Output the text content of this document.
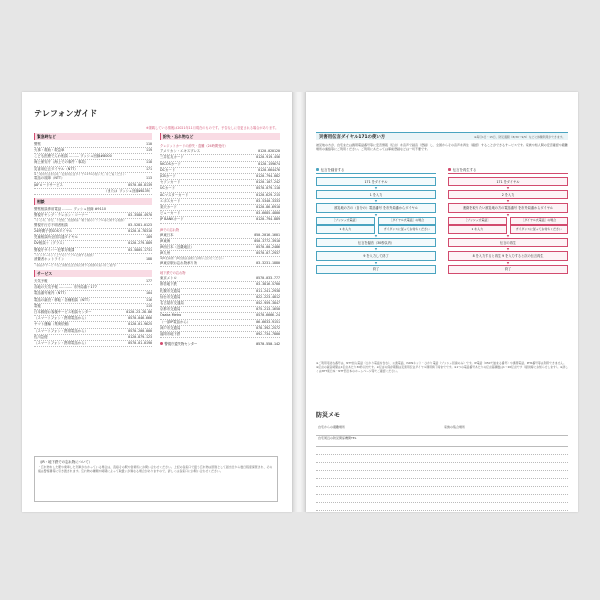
テレフォンガイド
※掲載している情報は2021年11月現在のものです。予告なしに変更される場合があります。
緊急時など
警察	110
火事・救助・救急車	119
こども医療でんわ相談 ……… プッシュ回線#8000
海上保安庁（海上での事件・事故）	118
災害用伝言ダイヤル（NTT）	171
※ご利用方法を右頁「災害用伝言ダイヤル171の使い方」をご覧ください
電話の故障（NTT）	113
JAFロードサービス	0570-00-8139
（または プッシュ回線#8139）
相談
警察相談専用電話 ……… プッシュ回線 #9110
警視庁ヤング・テレホン・コーナー	03-3580-4970
（いじめ、非行、不登校、友達関係・親子間のトラブル等に関する相談）
警視庁行方不明者相談	03-5281-0123
24時間子供SOSダイヤル	0120-0-78310
児童相談所全国共通ダイヤル	189
DV相談＋（プラス）	0120-279-889
警視庁サイバー犯罪対策課	03-5805-1731
（インターネット上でのトラブルに関する相談）
消費者ホットライン	188
（商品やサービスなど消費生活全般に関する相談の窓口をご案内）
サービス
天気予報	177
各地の天気予報 ………… 市外局番＋177
電話番号案内（NTT）	104
電話の新設・移転・各種相談（NTT）	116
電報	115
日本郵便お客様サービス相談センター	0120-23-28-86
（スマートフォン・携帯電話から）	0570-046-666
ヤマト運輸（集荷依頼）	0120-01-9625
（スマートフォン・携帯電話から）	0570-200-000
佐川急便	0120-879-123
（スマートフォン・携帯電話から）	0570-01-0190
紛失・忘れ物など
クレジットカードの紛失・盗難（24時間受付）
アメリカン・エキスプレス	0120-020120
三井住友カード	0120-919-456
NICOSカード	0120-159674
DCカード	0120-664476
JCBカード	0120-794-082
セゾンカード	0120-107-242
UCカード	0570-079-110
ACマスターカード	0120-629-215
エポスカード	03-5340-3333
楽天カード	0120-86-6910
ビューカード	03-6685-4800
JP BANKカード	0120-794-889
JRでの忘れ物
JR東日本	050-2016-1601
JR東海	050-3772-3910
JR西日本（近畿地区）	0570-00-2486
JR九州	0570-07-2937
※JR北海道・JR四国は各駅にお問い合わせください
JR東京駅お忘れ物承り所	03-3231-1880
地下鉄での忘れ物
東京メトロ	0570-033-777
都営地下鉄	03-3816-5700
札幌市交通局	011-241-2938
仙台市交通局	022-223-4812
名古屋市交通局	052-959-3847
京都市交通局	075-213-1650
Osaka Metro	0570-6666-24
（一部IP電話から）	06-6633-9151
神戸市交通局	078-392-2572
福岡市地下鉄	092-734-7800
警視庁遺失物センター	0570-550-142
（JR・地下鉄での忘れ物について）
・忘れ物をした駅や乗車した列車がわかっている場合は、直接その駅や営業所にお問い合わせください。上記の各窓口で扱う忘れ物は原則として届出日から数日程度保管され、その後は警察署等に引き渡されます。忘れ物の種類や時期によって取扱いが異なる場合がありますので、詳しくは各窓口にお問い合わせください。
災害用伝言ダイヤル171の使い方	※毎月1日・15日、防災週間（8/30〜9/5）などに体験利用ができます。
被災地の方が、自宅または携帯電話番号等に安否情報（伝言）を音声で録音（登録）し、全国からその音声を再生（確認）することができるサービスです。家族や知人間の安否確認や避難場所の連絡等にご利用ください。ご利用にあたっては事前登録などは一切不要です。
伝言を録音する
171 をダイヤル
▼
1 を入力
▼
被災地の方の（自分の）電話番号 を市外局番からダイヤル
▼
［プッシュ式電話］	［ダイヤル式電話］の場合
1 を入力	ガイダンスに従ってお待ちください
▼
伝言を録音（30秒以内）
▼
9 を入力して終了
▼
終了
伝言を再生する
171 をダイヤル
▼
2 を入力
▼
連絡を取りたい被災地の方の電話番号 を市外局番からダイヤル
▼
［プッシュ式電話］	［ダイヤル式電話］の場合
1 を入力	ガイダンスに従ってお待ちください
▼
伝言の再生
▼
8 を入力すると再生 9 を入力すると次の伝言再生
▼
終了
※ご利用可能な番号は、NTT加入電話（ひかり電話を含む）、公衆電話、ISDNネット・ひかり電話（プッシュ回線のみ）です。IP電話（050で始まる番号）や携帯電話、PHS番号等は利用できません。※伝言の録音時間は1伝言あたり30秒以内です。※伝言の保存期間は災害用伝言ダイヤル運用終了時までです。※1つの電話番号あたりの伝言蓄積数は1〜20伝言です（提供時にお知らせします）。※詳しくはNTT東日本・NTT西日本のホームページ等でご確認ください。
防災メモ
自宅からの避難場所	家族の集合場所
自宅周辺の防災関係機関TEL
